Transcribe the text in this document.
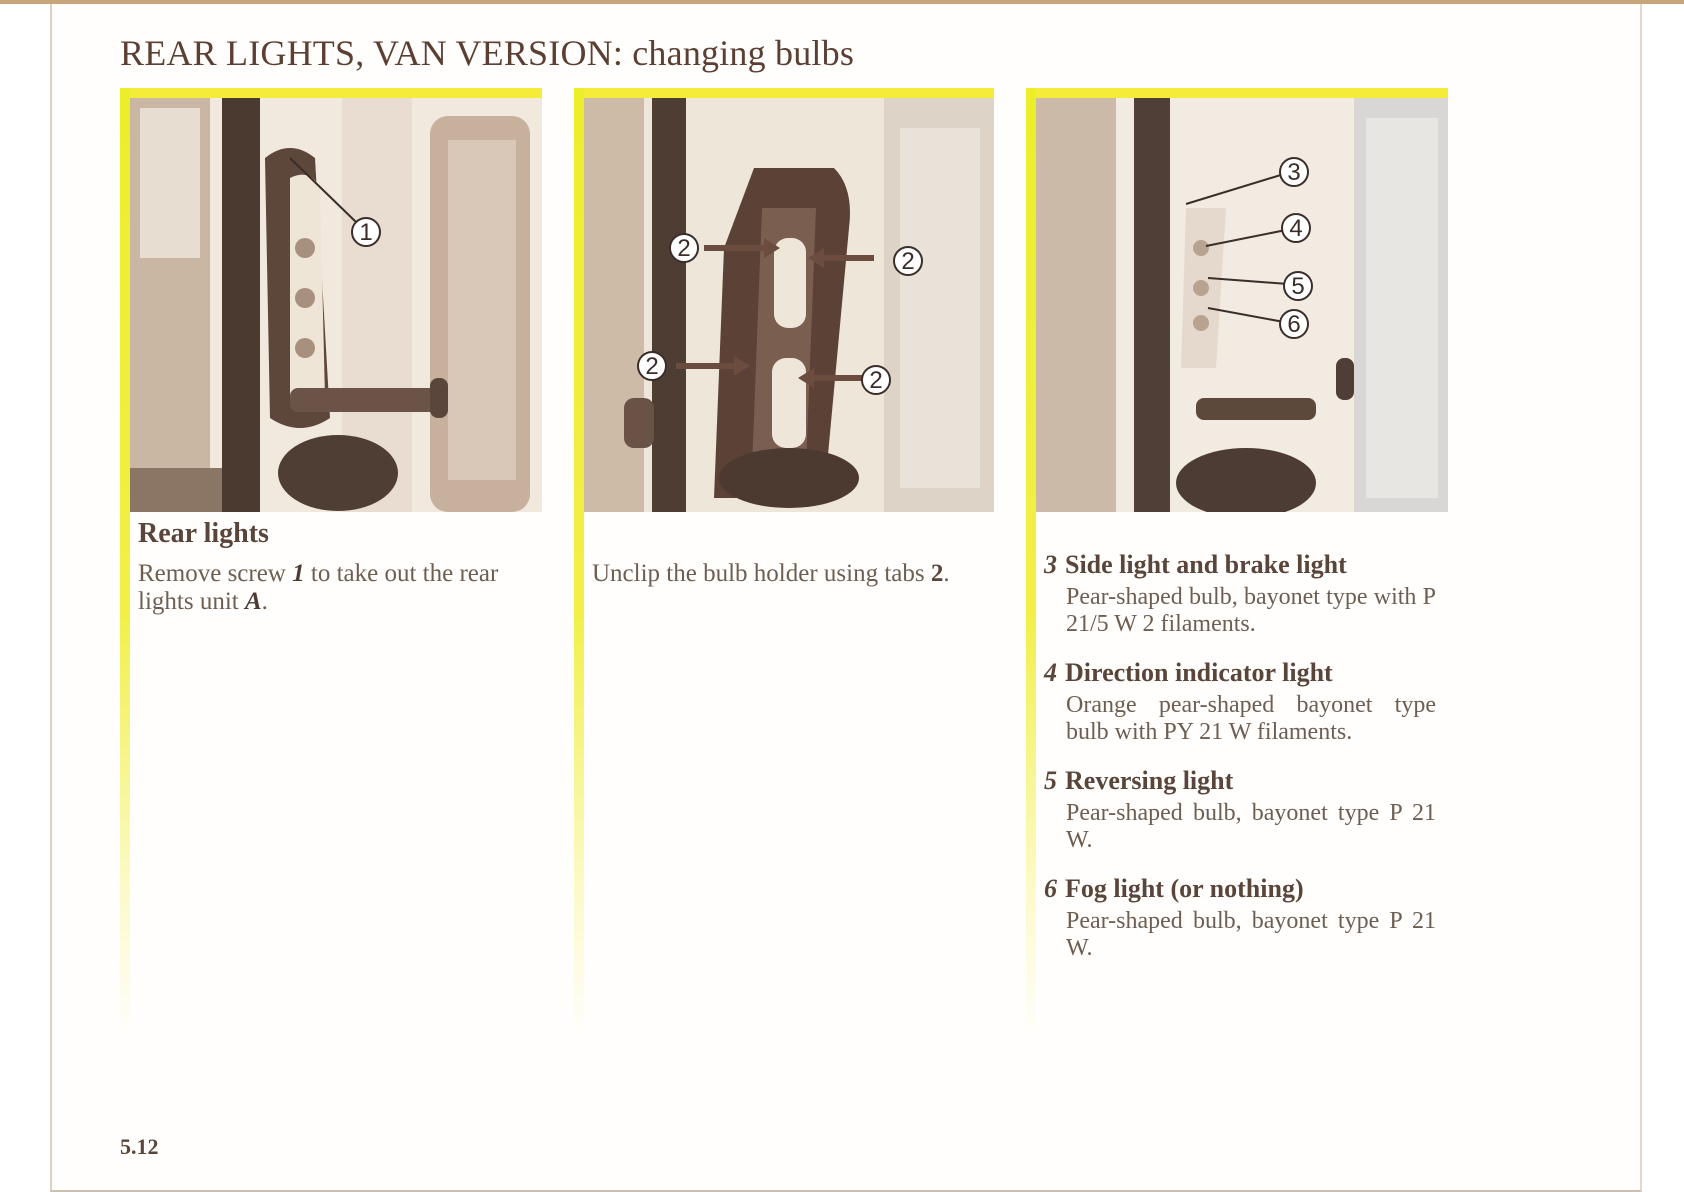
REAR LIGHTS, VAN VERSION: changing bulbs
1
Rear lights
Remove screw 1 to take out the rear lights unit A.
2	2
2
2
Unclip the bulb holder using tabs 2.
3
4
5
6
3 Side light and brake light
Pear-shaped bulb, bayonet type with P 21/5 W 2 filaments.
4 Direction indicator light
Orange pear-shaped bayonet type bulb with PY 21 W filaments.
5 Reversing light
Pear-shaped bulb, bayonet type P 21 W.
6 Fog light (or nothing)
Pear-shaped bulb, bayonet type P 21 W.
5.12
